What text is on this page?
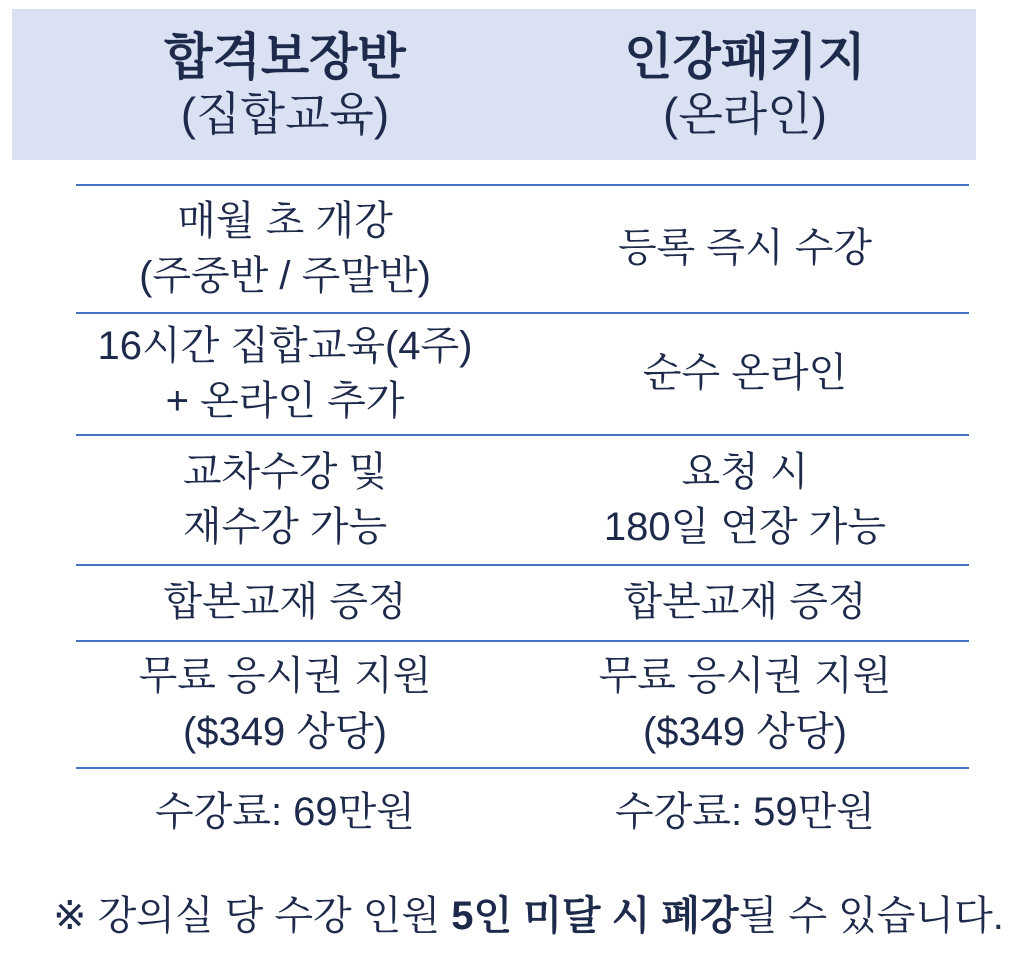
합격보장반
(집합교육)
인강패키지
(온라인)
매월 초 개강
(주중반 / 주말반)
등록 즉시 수강
16시간 집합교육(4주)
+ 온라인 추가
순수 온라인
교차수강 및
재수강 가능
요청 시
180일 연장 가능
합본교재 증정	합본교재 증정
무료 응시권 지원
($349 상당)
무료 응시권 지원
($349 상당)
수강료: 69만원	수강료: 59만원
※ 강의실 당 수강 인원 5인 미달 시 폐강될 수 있습니다.
